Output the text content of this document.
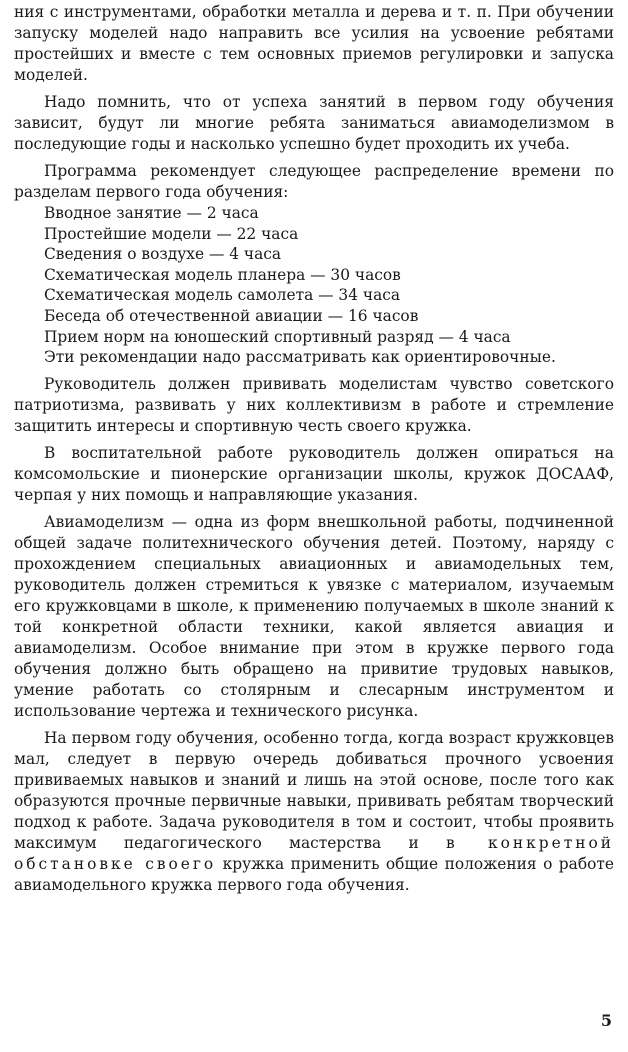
ния с инструментами, обработки металла и дерева и т. п. При обучении запуску моделей надо направить все усилия на усвоение ребятами простейших и вместе с тем основных приемов регулировки и запуска моделей.

Надо помнить, что от успеха занятий в первом году обучения зависит, будут ли многие ребята заниматься авиамоделизмом в последующие годы и насколько успешно будет проходить их учеба.

Программа рекомендует следующее распределение времени по разделам первого года обучения:

Вводное занятие — 2 часа
Простейшие модели — 22 часа
Сведения о воздухе — 4 часа
Схематическая модель планера — 30 часов
Схематическая модель самолета — 34 часа
Беседа об отечественной авиации — 16 часов
Прием норм на юношеский спортивный разряд — 4 часа

Эти рекомендации надо рассматривать как ориентировочные.

Руководитель должен прививать моделистам чувство советского патриотизма, развивать у них коллективизм в работе и стремление защитить интересы и спортивную честь своего кружка.

В воспитательной работе руководитель должен опираться на комсомольские и пионерские организации школы, кружок ДОСААФ, черпая у них помощь и направляющие указания.

Авиамоделизм — одна из форм внешкольной работы, подчиненной общей задаче политехнического обучения детей. Поэтому, наряду с прохождением специальных авиационных и авиамодельных тем, руководитель должен стремиться к увязке с материалом, изучаемым его кружковцами в школе, к применению получаемых в школе знаний к той конкретной области техники, какой является авиация и авиамоделизм. Особое внимание при этом в кружке первого года обучения должно быть обращено на привитие трудовых навыков, умение работать со столярным и слесарным инструментом и использование чертежа и технического рисунка.

На первом году обучения, особенно тогда, когда возраст кружковцев мал, следует в первую очередь добиваться прочного усвоения прививаемых навыков и знаний и лишь на этой основе, после того как образуются прочные первичные навыки, прививать ребятам творческий подход к работе. Задача руководителя в том и состоит, чтобы проявить максимум педагогического мастерства и в конкретной обстановке своего кружка применить общие положения о работе авиамодельного кружка первого года обучения.

5
